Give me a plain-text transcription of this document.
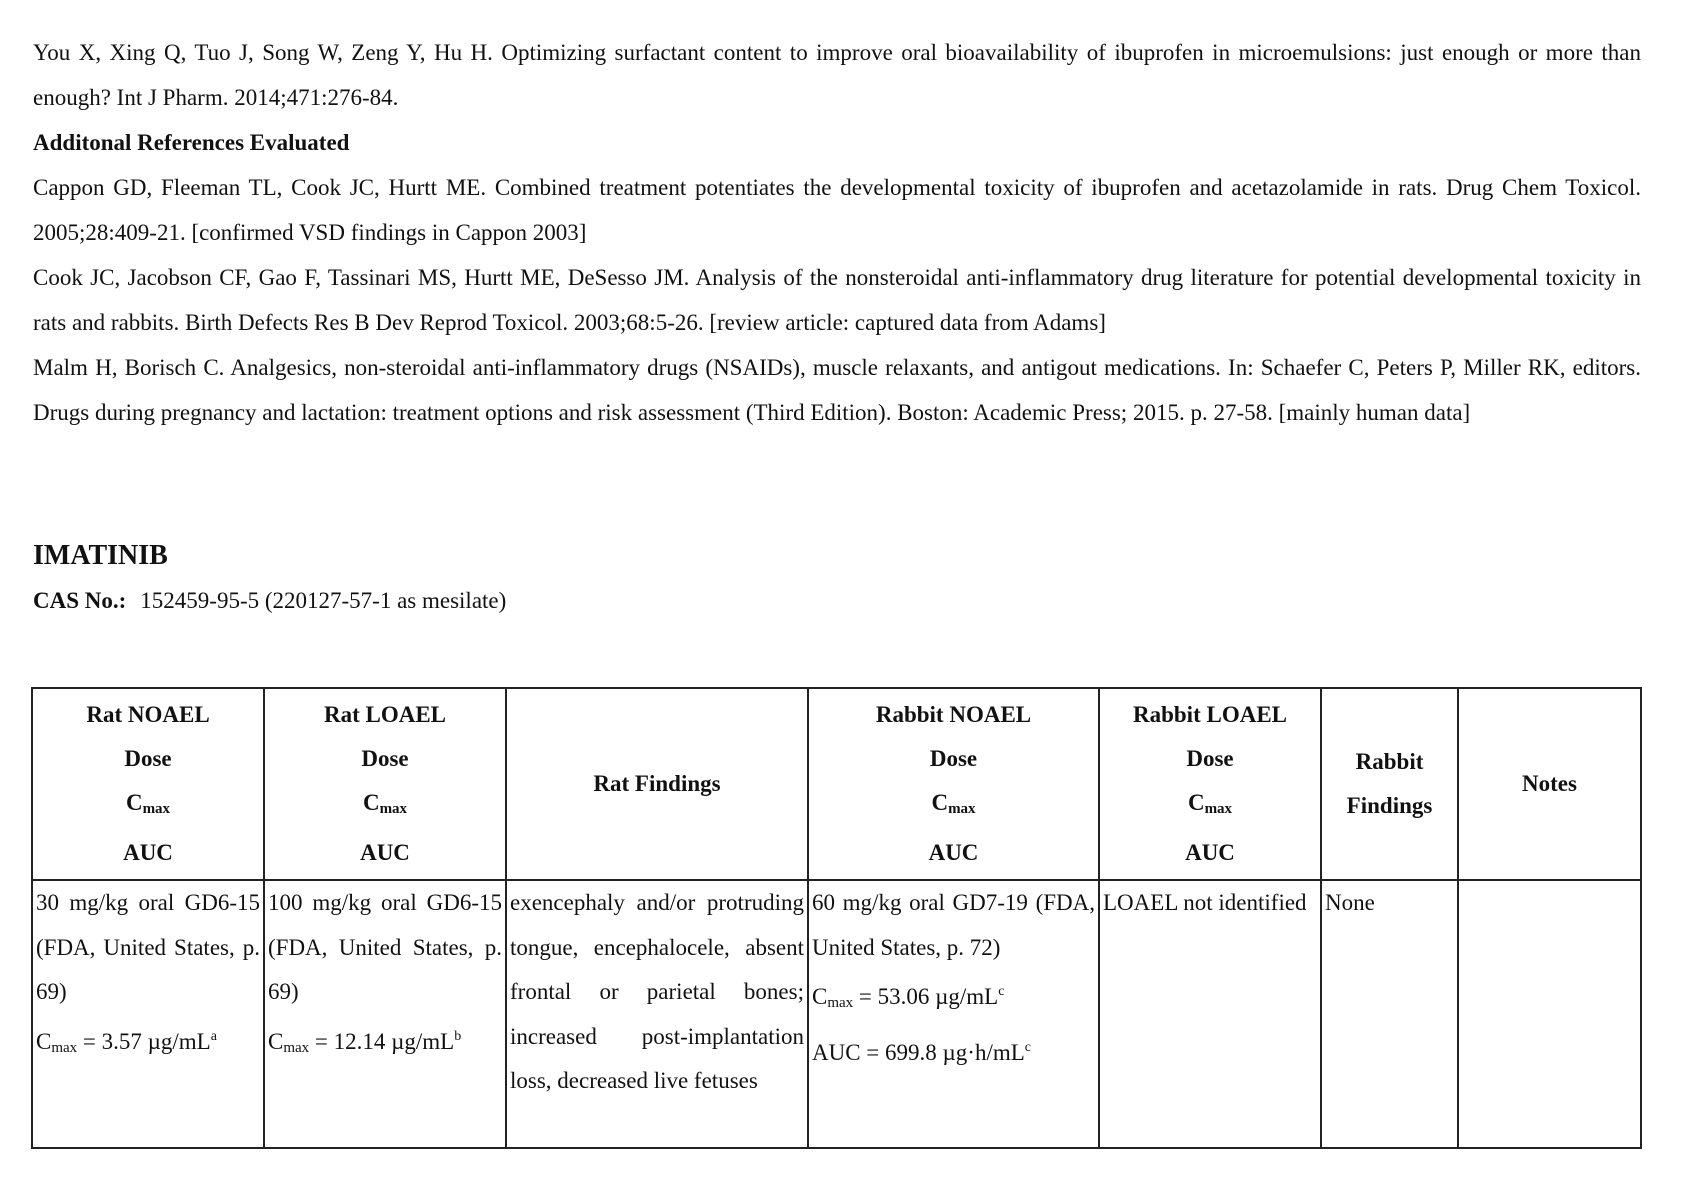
You X, Xing Q, Tuo J, Song W, Zeng Y, Hu H. Optimizing surfactant content to improve oral bioavailability of ibuprofen in microemulsions: just enough or more than enough? Int J Pharm. 2014;471:276-84.

Additonal References Evaluated

Cappon GD, Fleeman TL, Cook JC, Hurtt ME. Combined treatment potentiates the developmental toxicity of ibuprofen and acetazolamide in rats. Drug Chem Toxicol. 2005;28:409-21. [confirmed VSD findings in Cappon 2003]

Cook JC, Jacobson CF, Gao F, Tassinari MS, Hurtt ME, DeSesso JM. Analysis of the nonsteroidal anti-inflammatory drug literature for potential developmental toxicity in rats and rabbits. Birth Defects Res B Dev Reprod Toxicol. 2003;68:5-26. [review article: captured data from Adams]

Malm H, Borisch C. Analgesics, non-steroidal anti-inflammatory drugs (NSAIDs), muscle relaxants, and antigout medications. In: Schaefer C, Peters P, Miller RK, editors. Drugs during pregnancy and lactation: treatment options and risk assessment (Third Edition). Boston: Academic Press; 2015. p. 27-58. [mainly human data]

IMATINIB
CAS No.: 152459-95-5 (220127-57-1 as mesilate)
Rat NOAEL
Dose
Cmax
AUC	Rat LOAEL
Dose
Cmax
AUC	Rat Findings	Rabbit NOAEL
Dose
Cmax
AUC	Rabbit LOAEL
Dose
Cmax
AUC	Rabbit
Findings	Notes

30 mg/kg oral GD6-15 (FDA, United States, p. 69)
Cmax = 3.57 $\mu g/mL^a$	100 mg/kg oral GD6-15 (FDA, United States, p. 69)
Cmax = 12.14 $\mu g/mL^b$	exencephaly and/or protruding tongue, encephalocele, absent frontal or parietal bones; increased post-implantation loss, decreased live fetuses	60 mg/kg oral GD7-19 (FDA, United States, p. 72)
Cmax = 53.06 $\mu g/mL^c$
AUC = 699.8 $\mu g\cdot h/mL^c$	LOAEL not identified	None	
